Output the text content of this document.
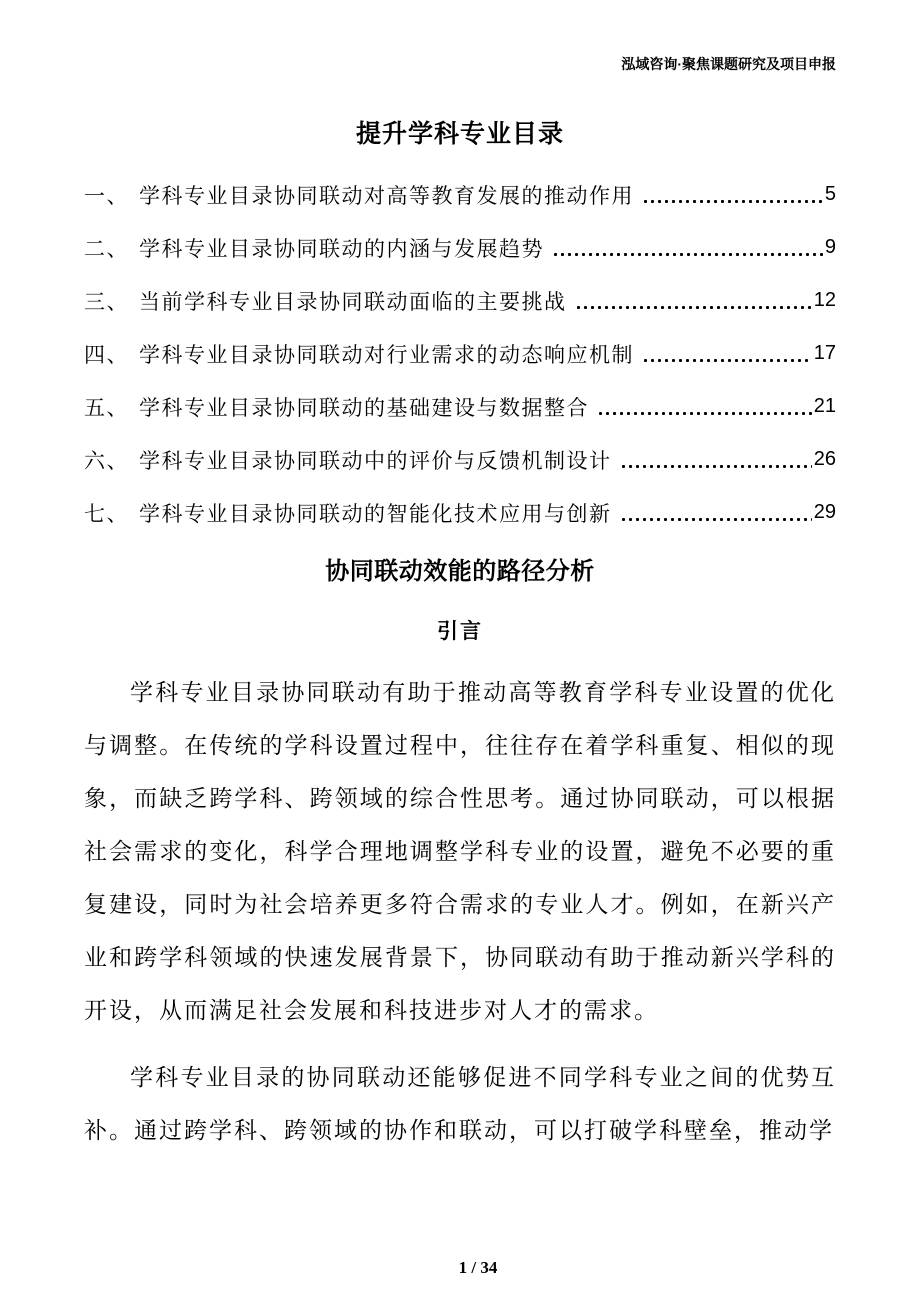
泓域咨询·聚焦课题研究及项目申报
提升学科专业目录
一、 学科专业目录协同联动对高等教育发展的推动作用	5
二、 学科专业目录协同联动的内涵与发展趋势	9
三、 当前学科专业目录协同联动面临的主要挑战	12
四、 学科专业目录协同联动对行业需求的动态响应机制	17
五、 学科专业目录协同联动的基础建设与数据整合	21
六、 学科专业目录协同联动中的评价与反馈机制设计	26
七、 学科专业目录协同联动的智能化技术应用与创新	29
协同联动效能的路径分析
引言

学科专业目录协同联动有助于推动高等教育学科专业设置的优化与调整。在传统的学科设置过程中，往往存在着学科重复、相似的现象，而缺乏跨学科、跨领域的综合性思考。通过协同联动，可以根据社会需求的变化，科学合理地调整学科专业的设置，避免不必要的重复建设，同时为社会培养更多符合需求的专业人才。例如，在新兴产业和跨学科领域的快速发展背景下，协同联动有助于推动新兴学科的开设，从而满足社会发展和科技进步对人才的需求。

学科专业目录的协同联动还能够促进不同学科专业之间的优势互补。通过跨学科、跨领域的协作和联动，可以打破学科壁垒，推动学

1 / 34
